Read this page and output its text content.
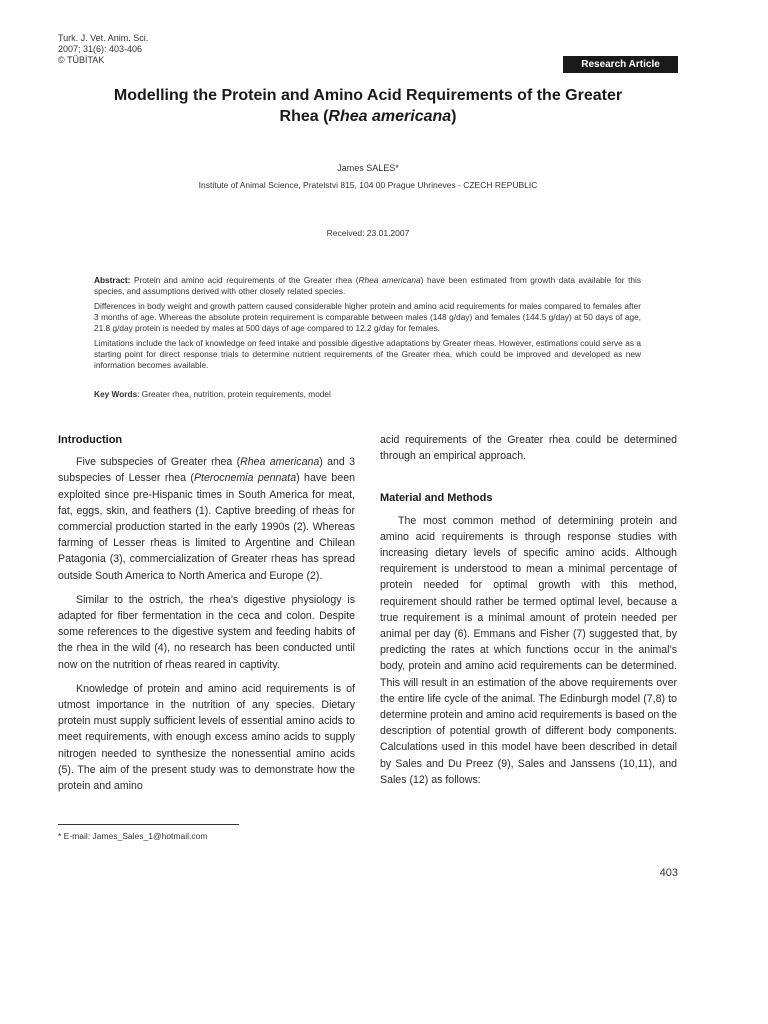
Turk. J. Vet. Anim. Sci.
2007; 31(6): 403-406
© TÜBİTAK	Research Article
Modelling the Protein and Amino Acid Requirements of the Greater
Rhea (Rhea americana)
James SALES*
Institute of Animal Science, Pratelstvi 815, 104 00 Prague Uhrineves - CZECH REPUBLIC
Received: 23.01.2007

Abstract: Protein and amino acid requirements of the Greater rhea (Rhea americana) have been estimated from growth data available for this species, and assumptions derived with other closely related species.

Differences in body weight and growth pattern caused considerable higher protein and amino acid requirements for males compared to females after 3 months of age. Whereas the absolute protein requirement is comparable between males (148 g/day) and females (144.5 g/day) at 50 days of age, 21.8 g/day protein is needed by males at 500 days of age compared to 12.2 g/day for females.

Limitations include the lack of knowledge on feed intake and possible digestive adaptations by Greater rheas. However, estimations could serve as a starting point for direct response trials to determine nutrient requirements of the Greater rhea, which could be improved and developed as new information becomes available.

Key Words: Greater rhea, nutrition, protein requirements, model
Introduction

Five subspecies of Greater rhea (Rhea americana) and 3 subspecies of Lesser rhea (Pterocnemia pennata) have been exploited since pre-Hispanic times in South America for meat, fat, eggs, skin, and feathers (1). Captive breeding of rheas for commercial production started in the early 1990s (2). Whereas farming of Lesser rheas is limited to Argentine and Chilean Patagonia (3), commercialization of Greater rheas has spread outside South America to North America and Europe (2).

Similar to the ostrich, the rhea’s digestive physiology is adapted for fiber fermentation in the ceca and colon. Despite some references to the digestive system and feeding habits of the rhea in the wild (4), no research has been conducted until now on the nutrition of rheas reared in captivity.

Knowledge of protein and amino acid requirements is of utmost importance in the nutrition of any species. Dietary protein must supply sufficient levels of essential amino acids to meet requirements, with enough excess amino acids to supply nitrogen needed to synthesize the nonessential amino acids (5). The aim of the present study was to demonstrate how the protein and amino

acid requirements of the Greater rhea could be determined through an empirical approach.

Material and Methods

The most common method of determining protein and amino acid requirements is through response studies with increasing dietary levels of specific amino acids. Although requirement is understood to mean a minimal percentage of protein needed for optimal growth with this method, requirement should rather be termed optimal level, because a true requirement is a minimal amount of protein needed per animal per day (6). Emmans and Fisher (7) suggested that, by predicting the rates at which functions occur in the animal’s body, protein and amino acid requirements can be determined. This will result in an estimation of the above requirements over the entire life cycle of the animal. The Edinburgh model (7,8) to determine protein and amino acid requirements is based on the description of potential growth of different body components. Calculations used in this model have been described in detail by Sales and Du Preez (9), Sales and Janssens (10,11), and Sales (12) as follows:

* E-mail: James_Sales_1@hotmail.com
403
